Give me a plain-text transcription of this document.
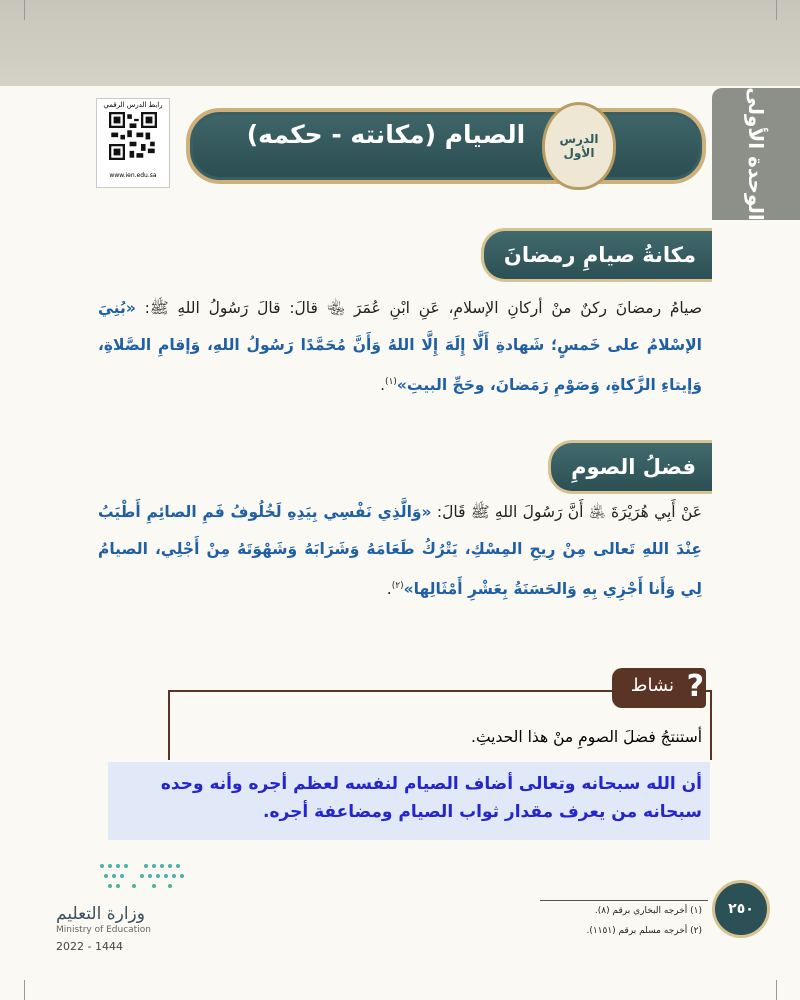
الوحدة الأولى
رابط الدرس الرقمي
www.ien.edu.sa
الصيام (مكانته - حكمه)	الدرس
الأول
مكانةُ صيامِ رمضانَ
صيامُ رمضانَ ركنٌ منْ أركانِ الإسلامِ، عَنِ ابْنِ عُمَرَ ﵄ قالَ: قالَ رَسُولُ اللهِ ﷺ: «بُنِيَ الإسْلامُ على خَمسٍ؛ شَهادةِ أَلَّا إِلَهَ إِلَّا اللهُ وَأَنَّ مُحَمَّدًا رَسُولُ اللهِ، وَإقامِ الصَّلاةِ، وَإيتاءِ الزَّكاةِ، وَصَوْمِ رَمَضانَ، وحَجِّ البيتِ»$^{(١)}$.
فضلُ الصومِ
عَنْ أَبِي هُرَيْرَةَ ﵁ أَنَّ رَسُولَ اللهِ ﷺ قَالَ: «وَالَّذِي نَفْسِي بِيَدِهِ لَخُلُوفُ فَمِ الصائِمِ أَطْيَبُ عِنْدَ اللهِ تَعالى مِنْ رِيحِ المِسْكِ، يَتْرُكُ طَعَامَهُ وَشَرَابَهُ وَشَهْوَتَهُ مِنْ أَجْلِي، الصيامُ لِي وَأَنا أَجْزِي بِهِ وَالحَسَنَةُ بِعَشْرِ أَمْثَالِها»$^{(٢)}$.
?
نشاط
أستنتجُ فضلَ الصومِ منْ هذا الحديثِ.
أن الله سبحانه وتعالى أضاف الصيام لنفسه لعظم أجره وأنه وحده سبحانه من يعرف مقدار ثواب الصيام ومضاعفة أجره.
وزارة التعليم
Ministry of Education
2022 - 1444
(١) أخرجه البخاري برقم (٨).
(٢) أخرجه مسلم برقم (١١٥١).
٢٥٠
